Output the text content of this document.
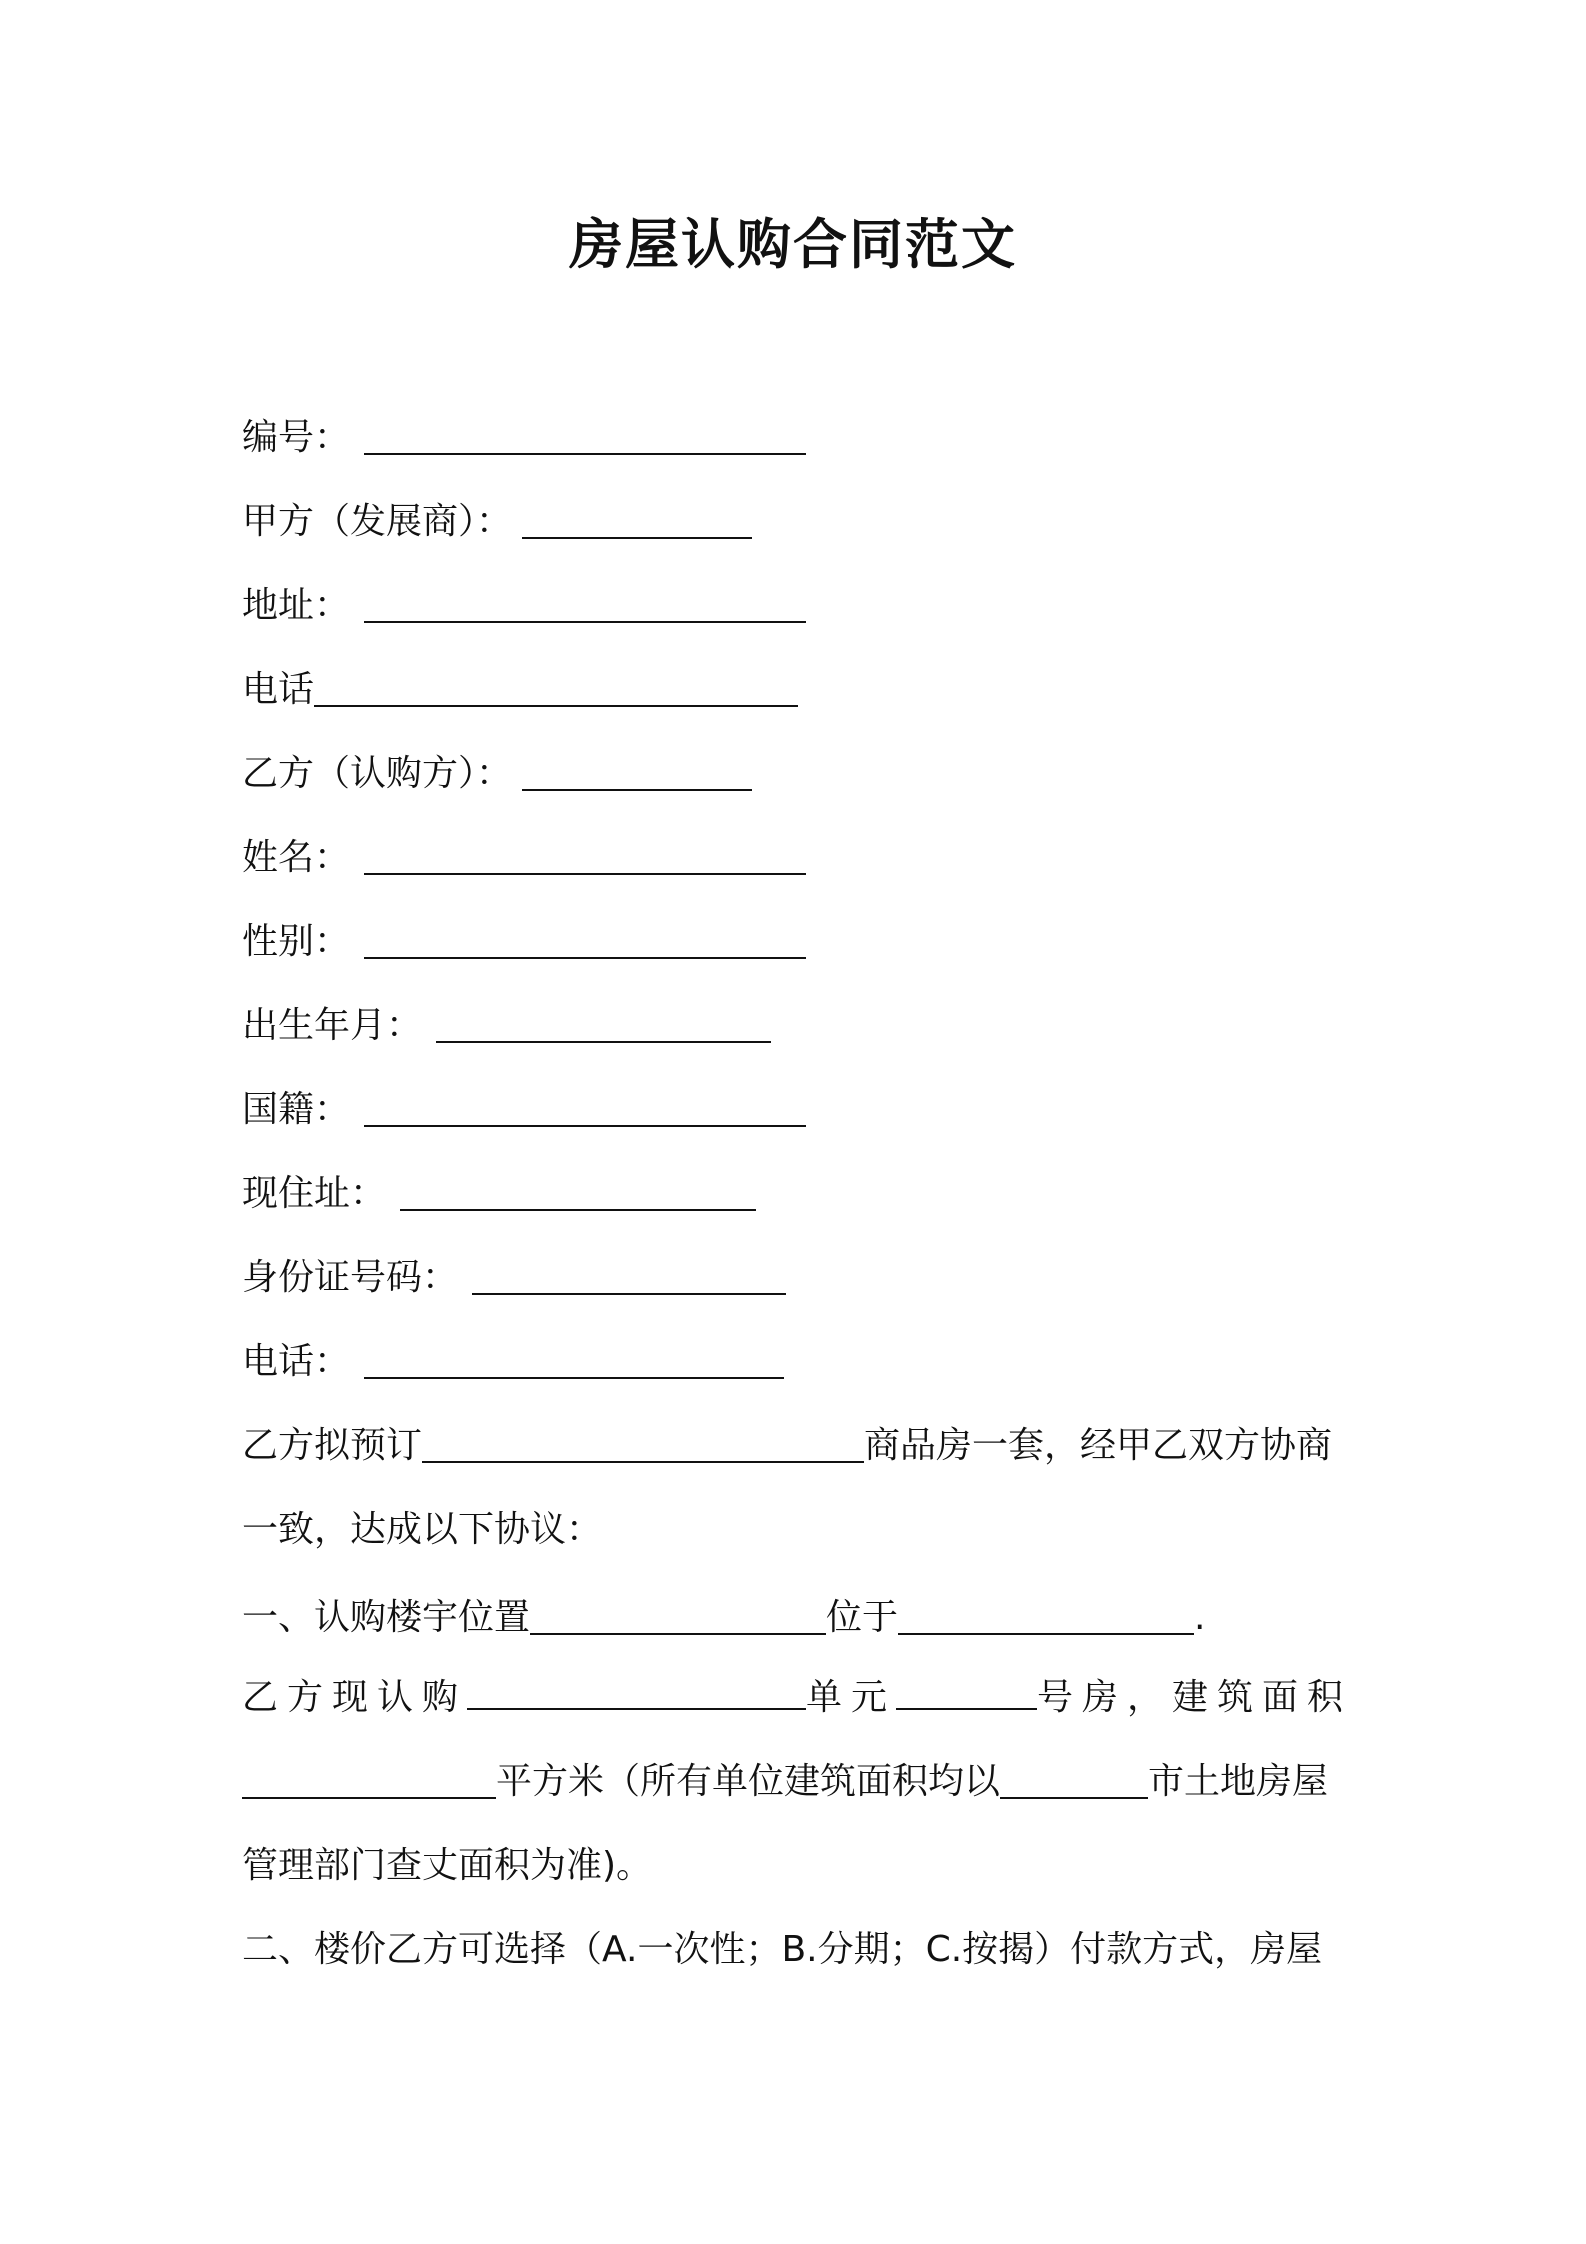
房屋认购合同范文
编号：
甲方（发展商）：
地址：
电话
乙方（认购方）：
姓名：
性别：
出生年月：
国籍：
现住址：
身份证号码：
电话：
乙方拟预订	商品房一套，经甲乙双方协商
一致，达成以下协议：
一、认购楼宇位置	位于	.
乙方现认购	单元	号房，建筑面积
平方米（所有单位建筑面积均以	市土地房屋
管理部门查丈面积为准)。
二、楼价乙方可选择（A.一次性；B.分期；C.按揭）付款方式，房屋
